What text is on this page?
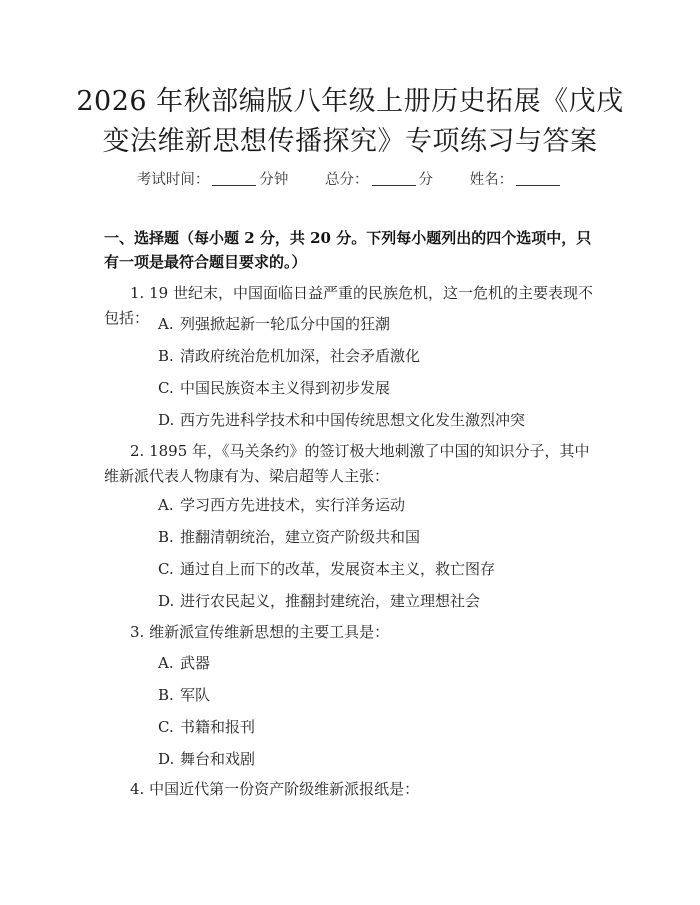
2026 年秋部编版八年级上册历史拓展《戊戌
变法维新思想传播探究》专项练习与答案
考试时间：	分钟	总分：	分	姓名：
一、选择题（每小题 2 分，共 20 分。下列每小题列出的四个选项中，只有一项是最符合题目要求的。）
1. 19 世纪末，中国面临日益严重的民族危机，这一危机的主要表现不包括： A. 列强掀起新一轮瓜分中国的狂潮
B. 清政府统治危机加深，社会矛盾激化
C. 中国民族资本主义得到初步发展
D. 西方先进科学技术和中国传统思想文化发生激烈冲突
2. 1895 年，《马关条约》的签订极大地刺激了中国的知识分子，其中维新派代表人物康有为、梁启超等人主张：
A. 学习西方先进技术，实行洋务运动
B. 推翻清朝统治，建立资产阶级共和国
C. 通过自上而下的改革，发展资本主义，救亡图存
D. 进行农民起义，推翻封建统治，建立理想社会
3. 维新派宣传维新思想的主要工具是：
A. 武器
B. 军队
C. 书籍和报刊
D. 舞台和戏剧
4. 中国近代第一份资产阶级维新派报纸是：
